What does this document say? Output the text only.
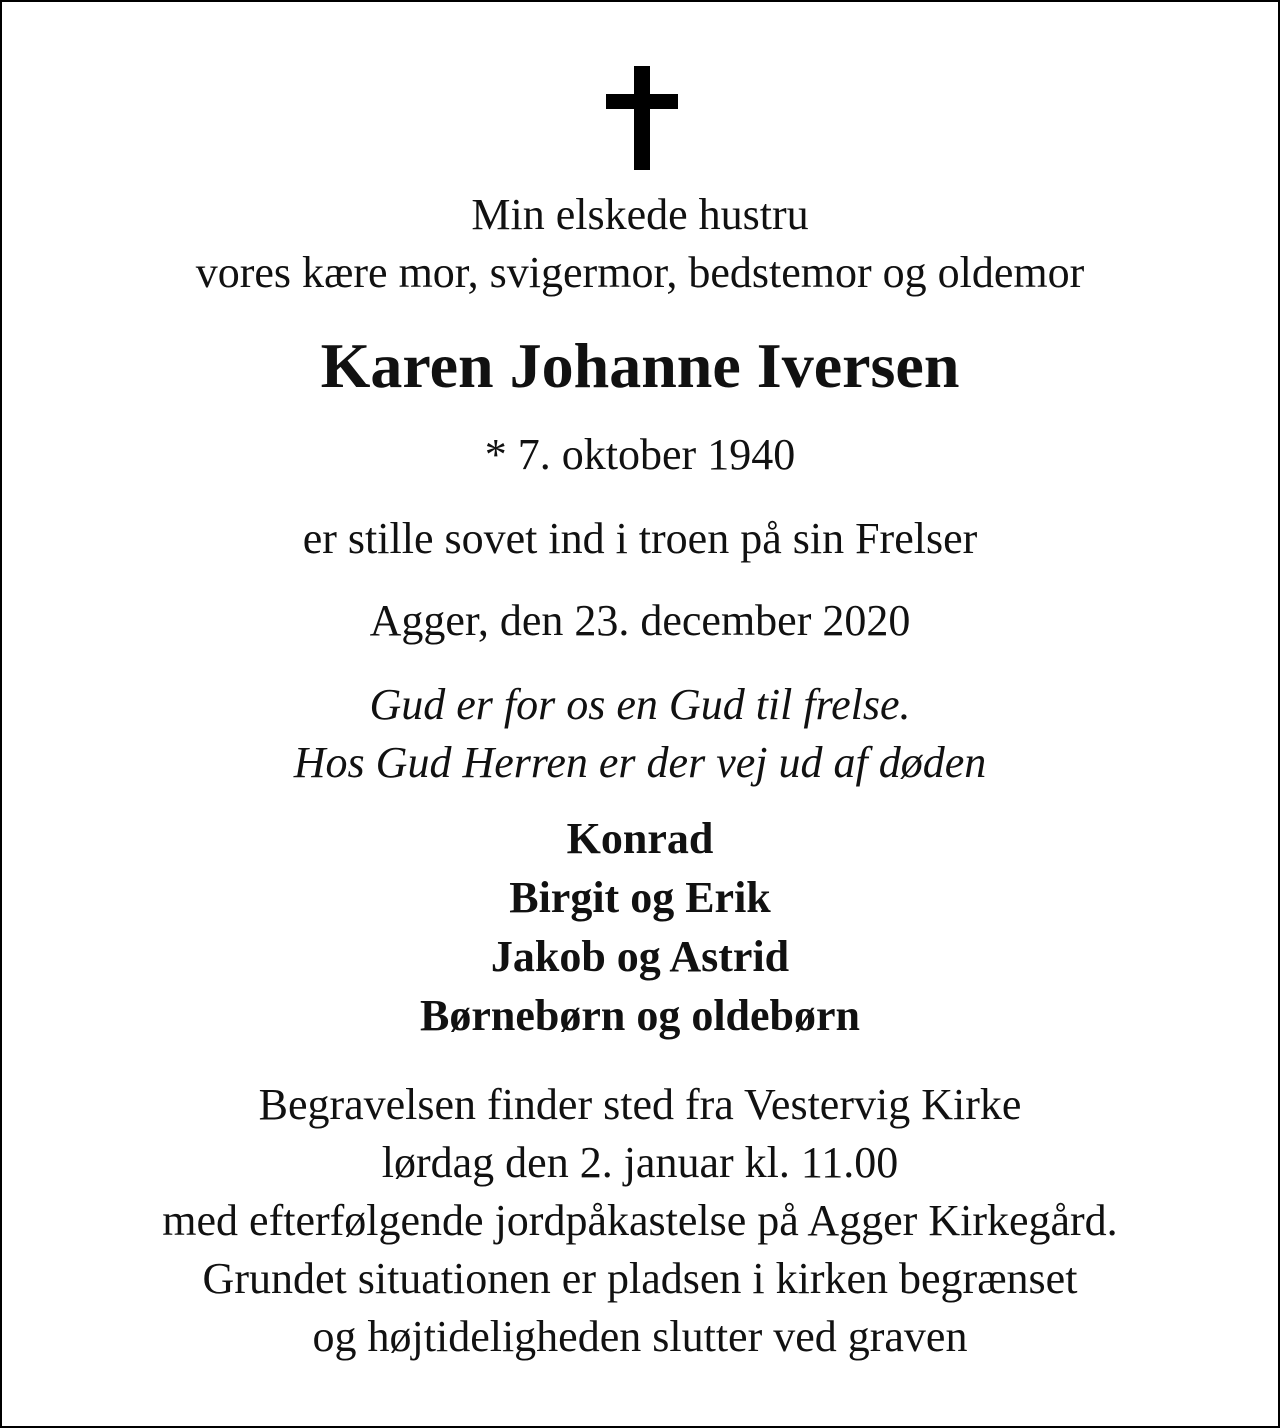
Min elskede hustru
vores kære mor, svigermor, bedstemor og oldemor
Karen Johanne Iversen
* 7. oktober 1940
er stille sovet ind i troen på sin Frelser
Agger, den 23. december 2020
Gud er for os en Gud til frelse.
Hos Gud Herren er der vej ud af døden
Konrad
Birgit og Erik
Jakob og Astrid
Børnebørn og oldebørn
Begravelsen finder sted fra Vestervig Kirke
lørdag den 2. januar kl. 11.00
med efterfølgende jordpåkastelse på Agger Kirkegård.
Grundet situationen er pladsen i kirken begrænset
og højtideligheden slutter ved graven
